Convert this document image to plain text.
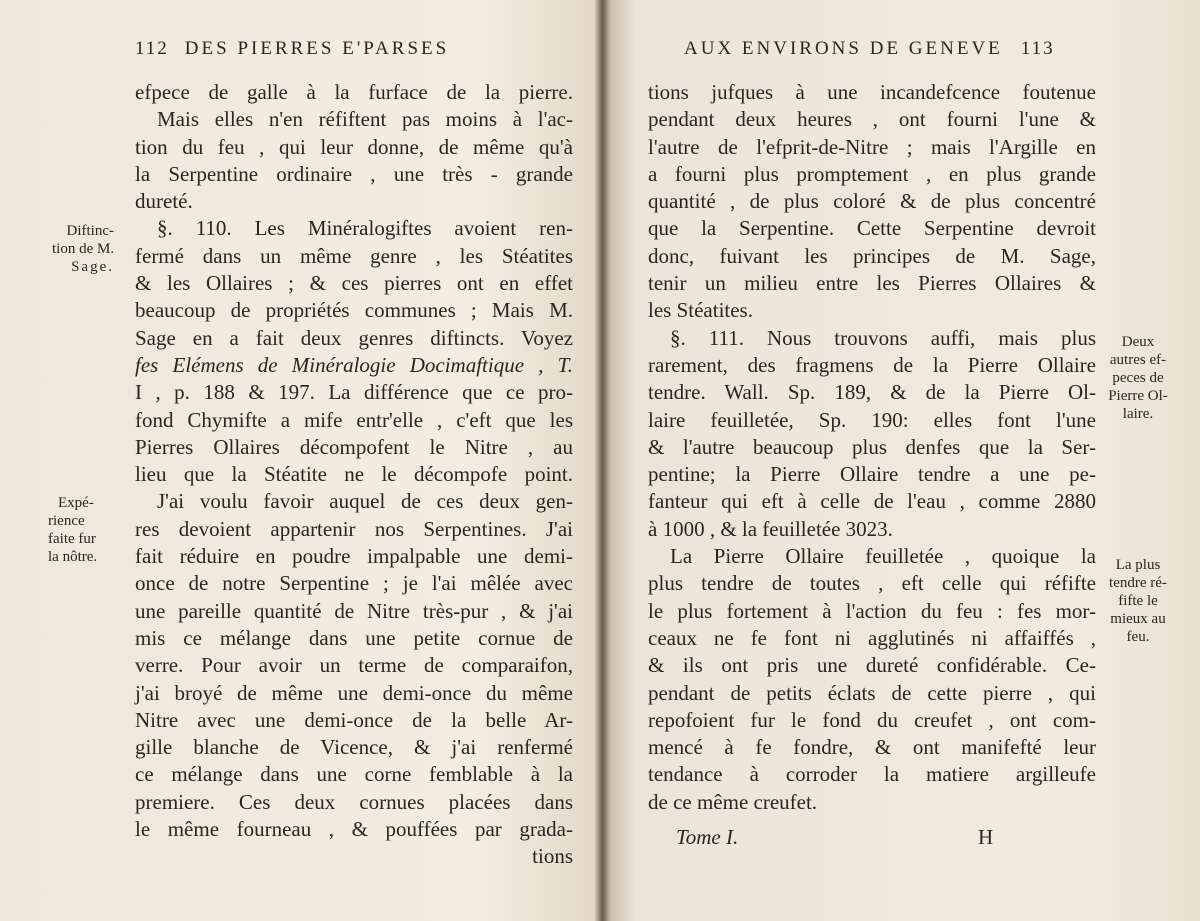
112 DES PIERRES E'PARSES
efpece de galle à la furface de la pierre.
Mais elles n'en réfiftent pas moins à l'ac-
tion du feu , qui leur donne, de même qu'à
la Serpentine ordinaire , une très - grande
dureté.
§. 110. Les Minéralogiftes avoient ren-
fermé dans un même genre , les Stéatites
& les Ollaires ; & ces pierres ont en effet
beaucoup de propriétés communes ; Mais M.
Sage en a fait deux genres diftincts. Voyez
fes Elémens de Minéralogie Docimaftique , T.
I , p. 188 & 197. La différence que ce pro-
fond Chymifte a mife entr'elle , c'eft que les
Pierres Ollaires décompofent le Nitre , au
lieu que la Stéatite ne le décompofe point.
J'ai voulu favoir auquel de ces deux gen-
res devoient appartenir nos Serpentines. J'ai
fait réduire en poudre impalpable une demi-
once de notre Serpentine ; je l'ai mêlée avec
une pareille quantité de Nitre très-pur , & j'ai
mis ce mélange dans une petite cornue de
verre. Pour avoir un terme de comparaifon,
j'ai broyé de même une demi-once du même
Nitre avec une demi-once de la belle Ar-
gille blanche de Vicence, & j'ai renfermé
ce mélange dans une corne femblable à la
premiere. Ces deux cornues placées dans
le même fourneau , & pouffées par grada-
tions
Diftinc-
tion de M.
Sage.
Expé-
rience
faite fur
la nôtre.
AUX ENVIRONS DE GENEVE 113
tions jufques à une incandefcence foutenue
pendant deux heures , ont fourni l'une &
l'autre de l'efprit-de-Nitre ; mais l'Argille en
a fourni plus promptement , en plus grande
quantité , de plus coloré & de plus concentré
que la Serpentine. Cette Serpentine devroit
donc, fuivant les principes de M. Sage,
tenir un milieu entre les Pierres Ollaires &
les Stéatites.
§. 111. Nous trouvons auffi, mais plus
rarement, des fragmens de la Pierre Ollaire
tendre. Wall. Sp. 189, & de la Pierre Ol-
laire feuilletée, Sp. 190: elles font l'une
& l'autre beaucoup plus denfes que la Ser-
pentine; la Pierre Ollaire tendre a une pe-
fanteur qui eft à celle de l'eau , comme 2880
à 1000 , & la feuilletée 3023.
La Pierre Ollaire feuilletée , quoique la
plus tendre de toutes , eft celle qui réfifte
le plus fortement à l'action du feu : fes mor-
ceaux ne fe font ni agglutinés ni affaiffés ,
& ils ont pris une dureté confidérable. Ce-
pendant de petits éclats de cette pierre , qui
repofoient fur le fond du creufet , ont com-
mencé à fe fondre, & ont manifefté leur
tendance à corroder la matiere argilleufe
de ce même creufet.
Deux
autres ef-
peces de
Pierre Ol-
laire.
La plus
tendre ré-
fifte le
mieux au
feu.
Tome I.	H
